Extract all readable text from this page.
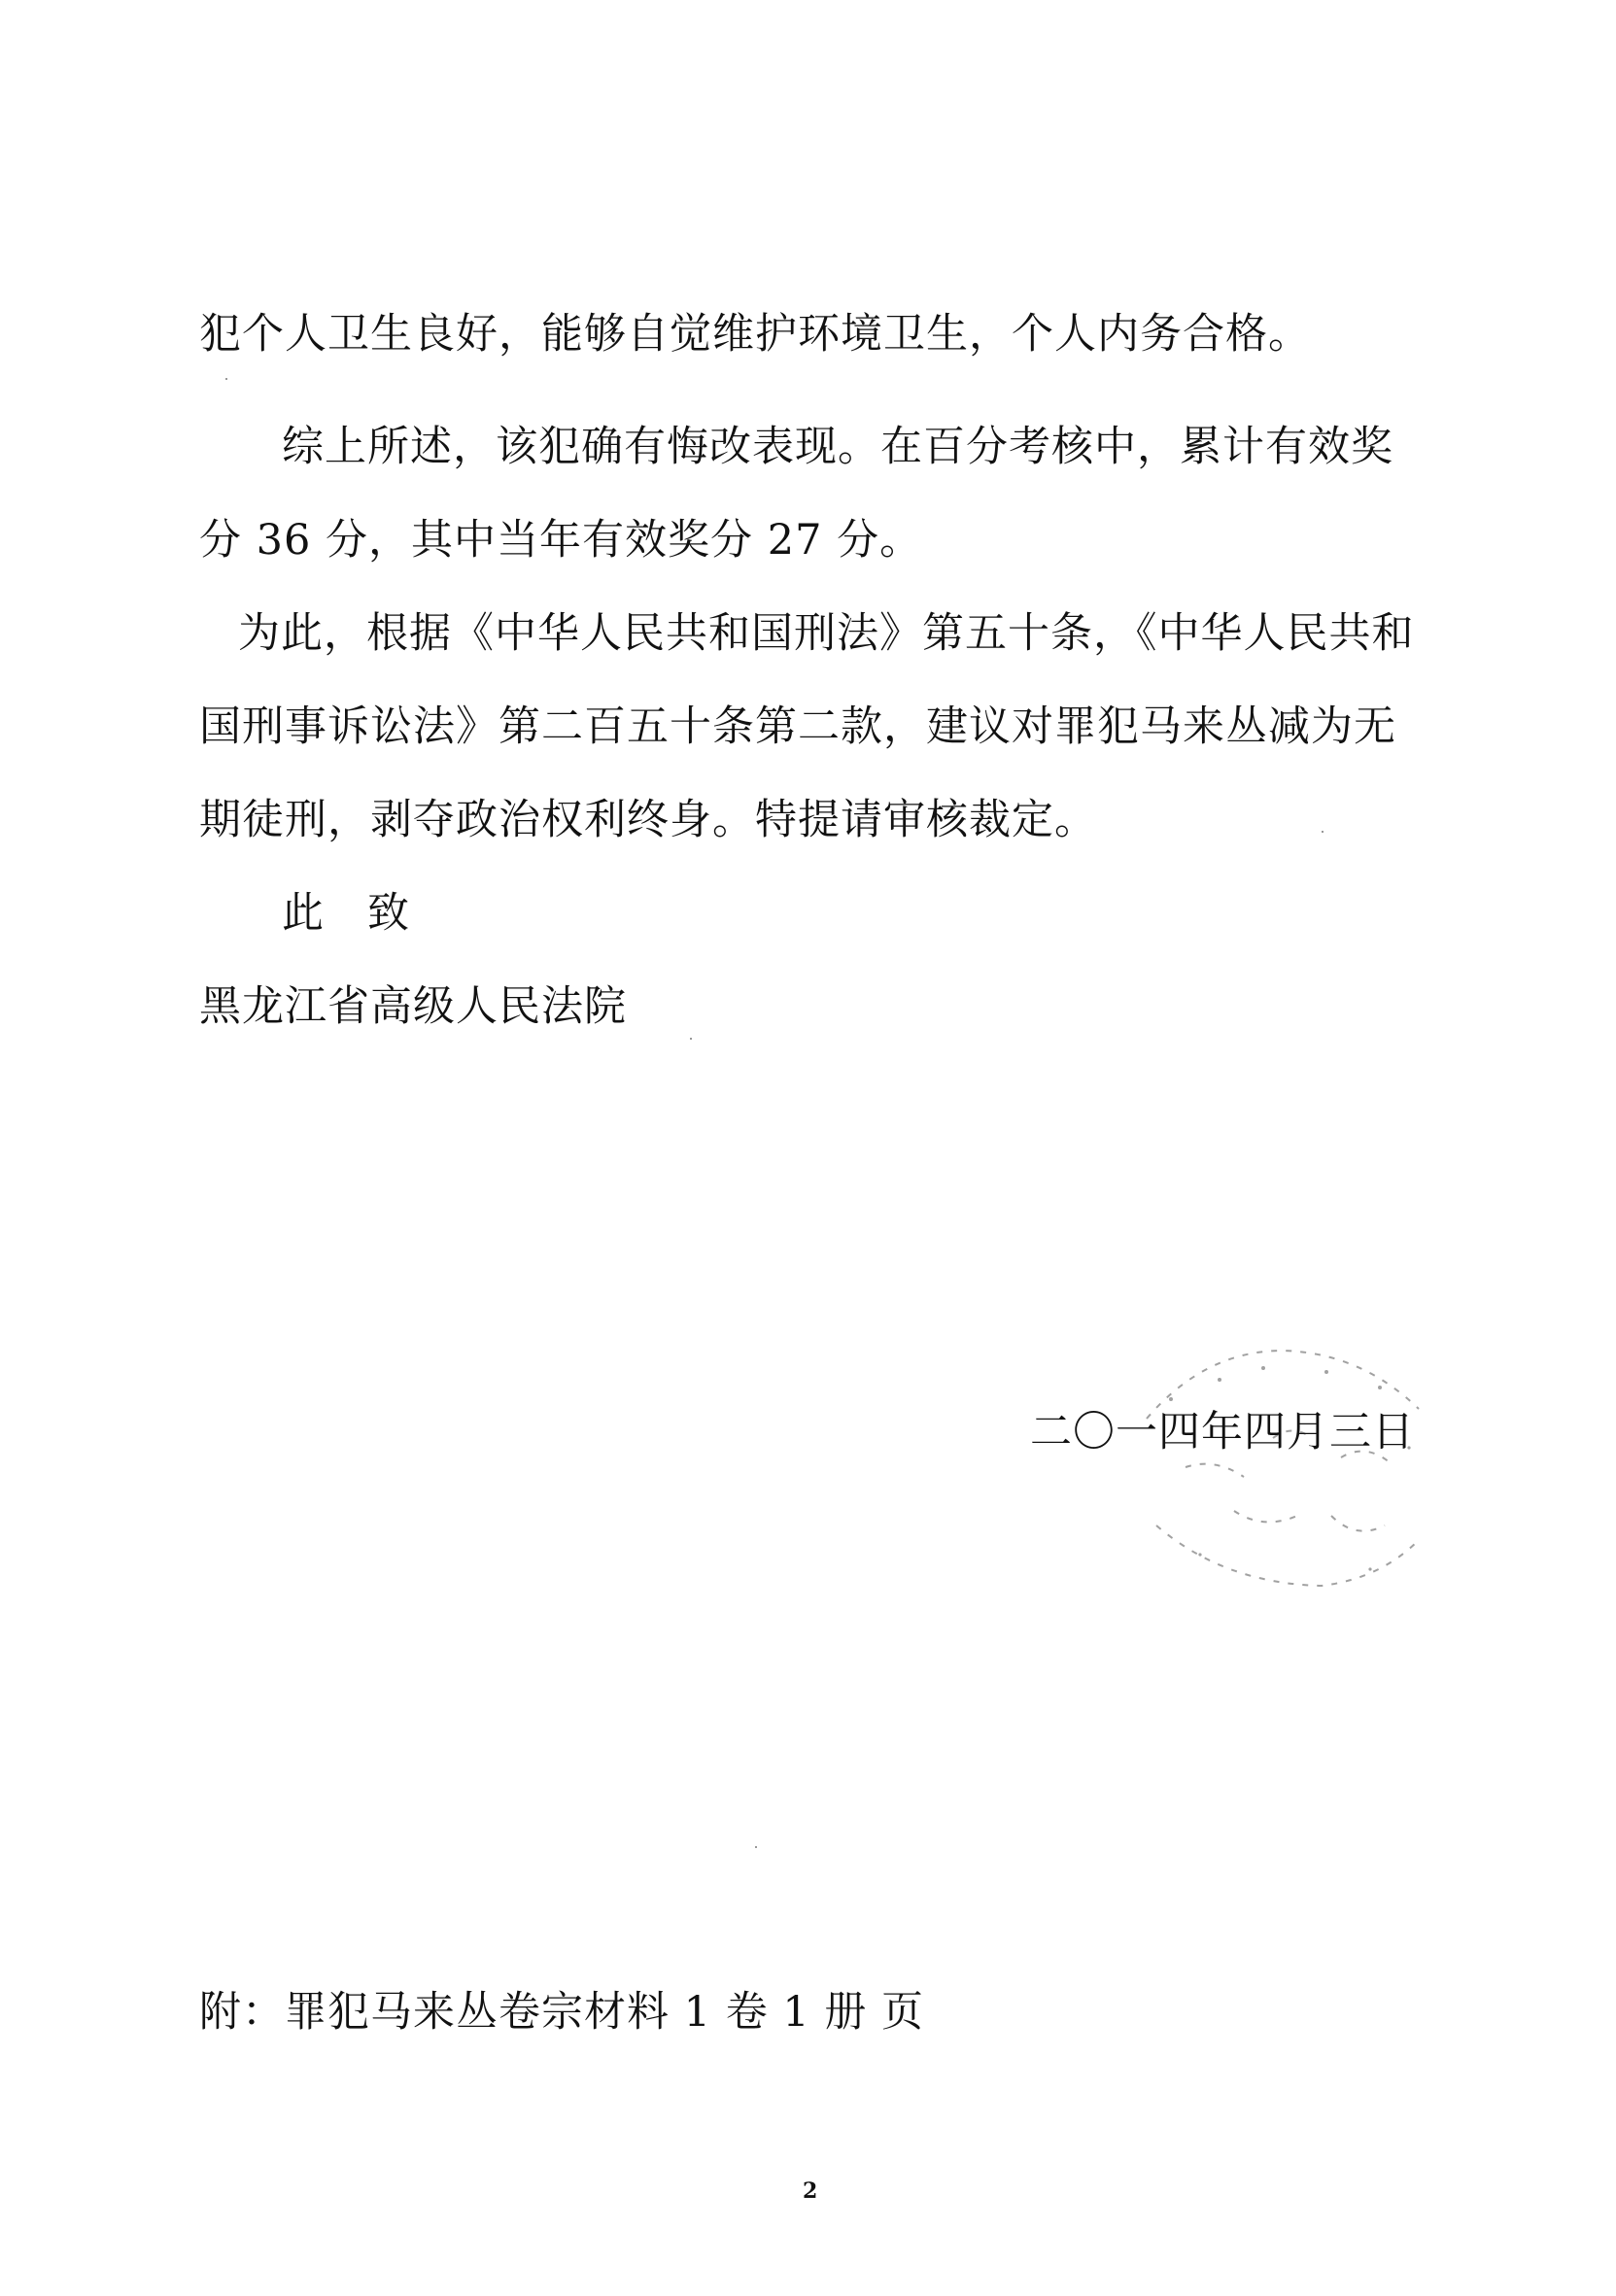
犯个人卫生良好，能够自觉维护环境卫生，个人内务合格。
综上所述，该犯确有悔改表现。在百分考核中，累计有效奖
分 36 分，其中当年有效奖分 27 分。
为此，根据《中华人民共和国刑法》第五十条，《中华人民共和
国刑事诉讼法》第二百五十条第二款，建议对罪犯马来丛减为无
期徒刑，剥夺政治权利终身。特提请审核裁定。
此　致
黑龙江省高级人民法院
二〇一四年四月三日
附：罪犯马来丛卷宗材料 1 卷 1 册 页
2
